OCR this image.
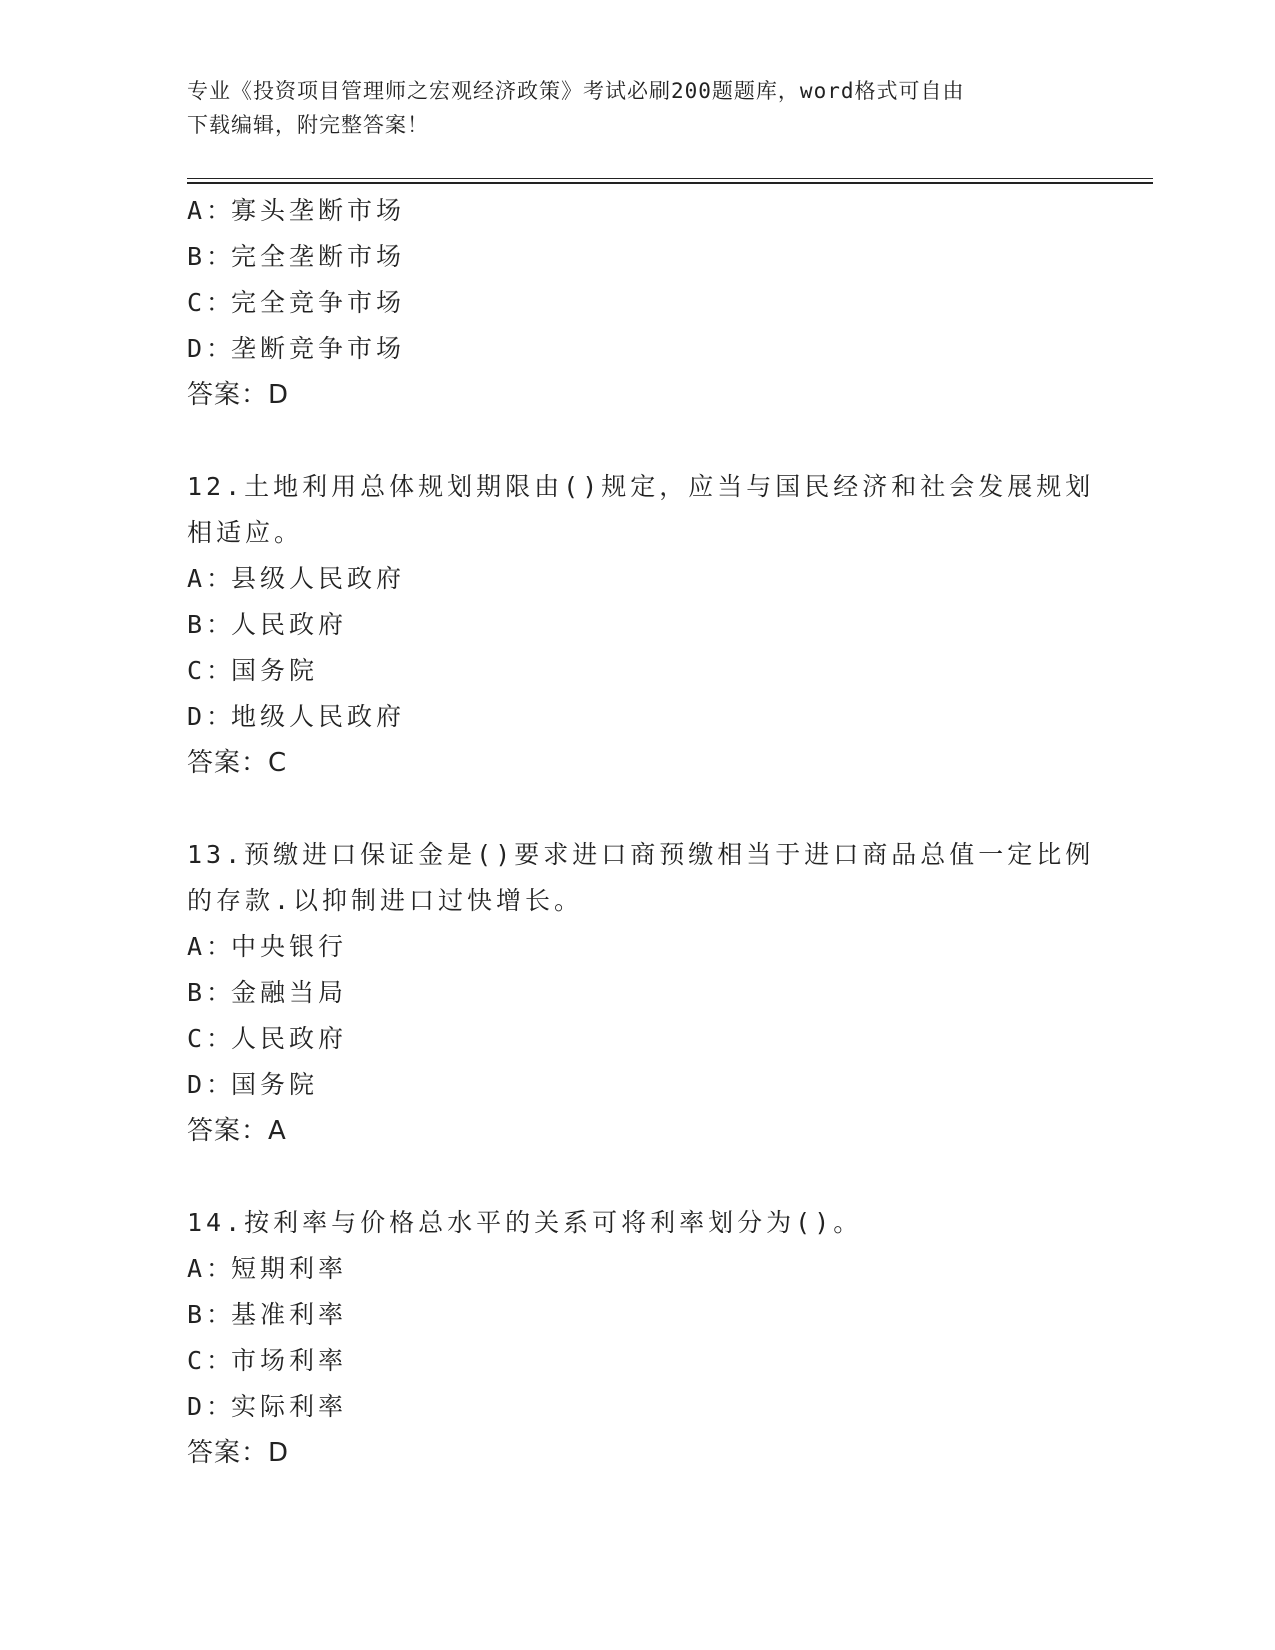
专业《投资项目管理师之宏观经济政策》考试必刷200题题库，word格式可自由
下载编辑，附完整答案！
A：
寡头垄断市场
B：
完全垄断市场
C：
完全竞争市场
D：
垄断竞争市场
答案：D
12.土地利用总体规划期限由()规定，应当与国民经济和社会发展规划
相适应。
A：
县级人民政府
B：
人民政府
C：
国务院
D：
地级人民政府
答案：C
13.预缴进口保证金是()要求进口商预缴相当于进口商品总值一定比例
的存款.以抑制进口过快增长。
A：
中央银行
B：
金融当局
C：
人民政府
D：
国务院
答案：A
14.按利率与价格总水平的关系可将利率划分为()。
A：
短期利率
B：
基准利率
C：
市场利率
D：
实际利率
答案：D
